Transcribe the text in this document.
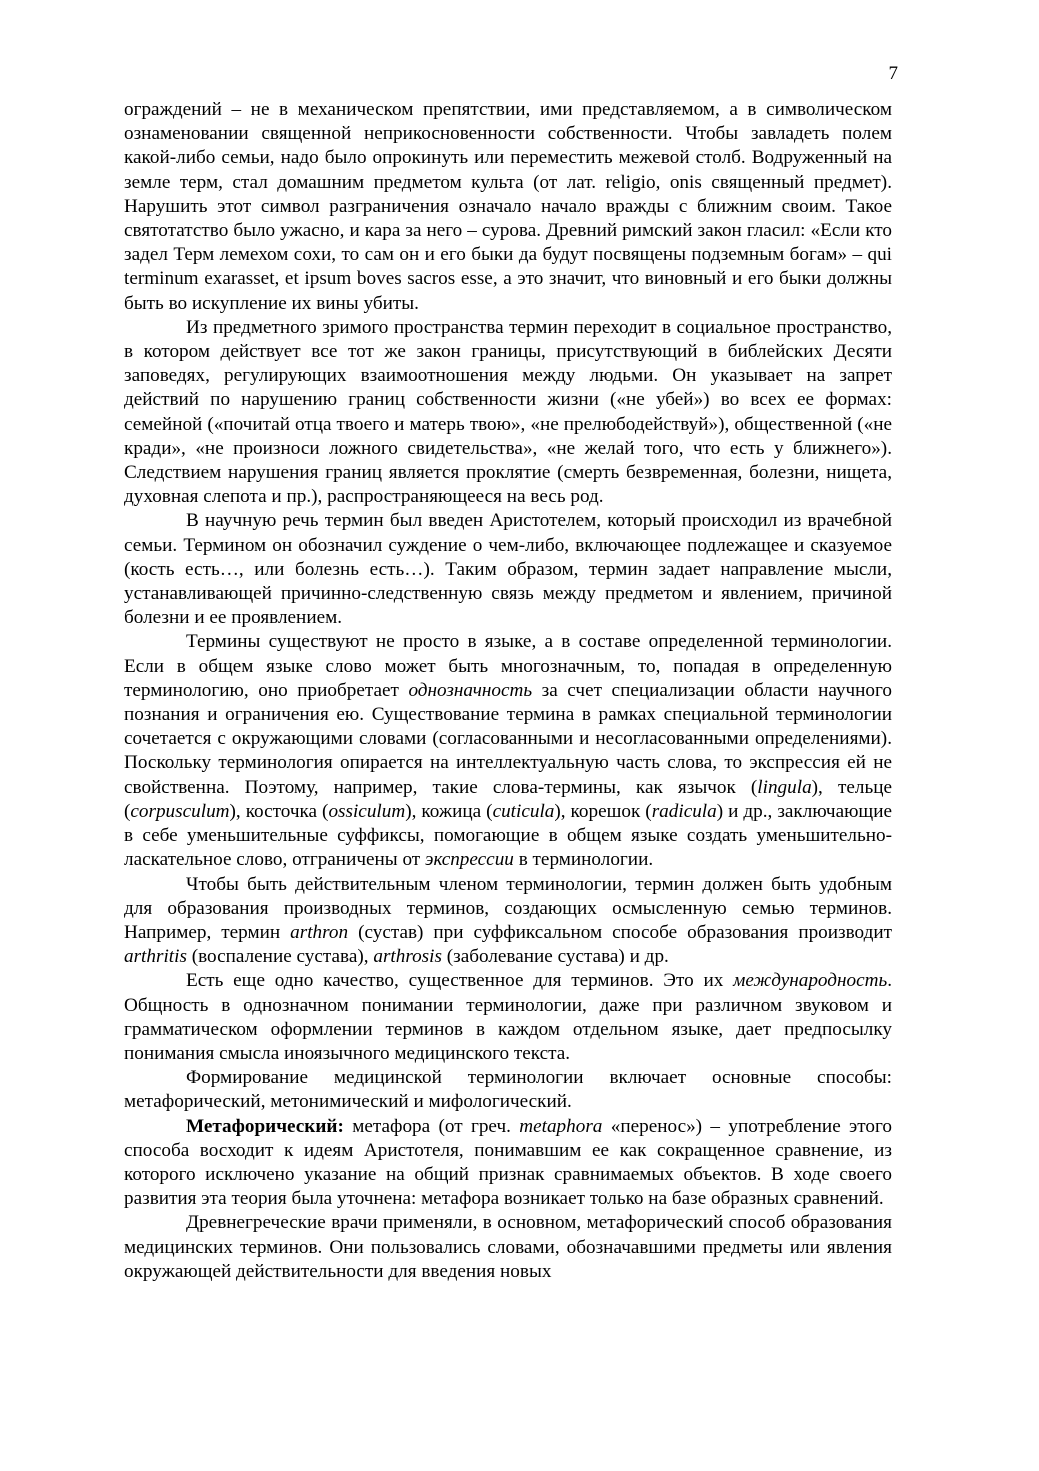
7

ограждений – не в механическом препятствии, ими представляемом, а в символическом ознаменовании священной неприкосновенности собственности. Чтобы завладеть полем какой-либо семьи, надо было опрокинуть или переместить межевой столб. Водруженный на земле терм, стал домашним предметом культа (от лат. religio, onis священный предмет). Нарушить этот символ разграничения означало начало вражды с ближним своим. Такое святотатство было ужасно, и кара за него – сурова. Древний римский закон гласил: «Если кто задел Терм лемехом сохи, то сам он и его быки да будут посвящены подземным богам» – qui terminum exarasset, et ipsum boves sacros esse, а это значит, что виновный и его быки должны быть во искупление их вины убиты.

Из предметного зримого пространства термин переходит в социальное пространство, в котором действует все тот же закон границы, присутствующий в библейских Десяти заповедях, регулирующих взаимоотношения между людьми. Он указывает на запрет действий по нарушению границ собственности жизни («не убей») во всех ее формах: семейной («почитай отца твоего и матерь твою», «не прелюбодействуй»), общественной («не кради», «не произноси ложного свидетельства», «не желай того, что есть у ближнего»). Следствием нарушения границ является проклятие (смерть безвременная, болезни, нищета, духовная слепота и пр.), распространяющееся на весь род.

В научную речь термин был введен Аристотелем, который происходил из врачебной семьи. Термином он обозначил суждение о чем-либо, включающее подлежащее и сказуемое (кость есть…, или болезнь есть…). Таким образом, термин задает направление мысли, устанавливающей причинно-следственную связь между предметом и явлением, причиной болезни и ее проявлением.

Термины существуют не просто в языке, а в составе определенной терминологии. Если в общем языке слово может быть многозначным, то, попадая в определенную терминологию, оно приобретает однозначность за счет специализации области научного познания и ограничения ею. Существование термина в рамках специальной терминологии сочетается с окружающими словами (согласованными и несогласованными определениями). Поскольку терминология опирается на интеллектуальную часть слова, то экспрессия ей не свойственна. Поэтому, например, такие слова-термины, как язычок (lingula), тельце (corpusculum), косточка (ossiculum), кожица (cuticula), корешок (radicula) и др., заключающие в себе уменьшительные суффиксы, помогающие в общем языке создать уменьшительно-ласкательное слово, отграничены от экспрессии в терминологии.

Чтобы быть действительным членом терминологии, термин должен быть удобным для образования производных терминов, создающих осмысленную семью терминов. Например, термин arthron (сустав) при суффиксальном способе образования производит arthritis (воспаление сустава), arthrosis (заболевание сустава) и др.

Есть еще одно качество, существенное для терминов. Это их международность. Общность в однозначном понимании терминологии, даже при различном звуковом и грамматическом оформлении терминов в каждом отдельном языке, дает предпосылку понимания смысла иноязычного медицинского текста.

Формирование медицинской терминологии включает основные способы: метафорический, метонимический и мифологический.

Метафорический: метафора (от греч. metaphora «перенос») – употребление этого способа восходит к идеям Аристотеля, понимавшим ее как сокращенное сравнение, из которого исключено указание на общий признак сравнимаемых объектов. В ходе своего развития эта теория была уточнена: метафора возникает только на базе образных сравнений.

Древнегреческие врачи применяли, в основном, метафорический способ образования медицинских терминов. Они пользовались словами, обозначавшими предметы или явления окружающей действительности для введения новых
